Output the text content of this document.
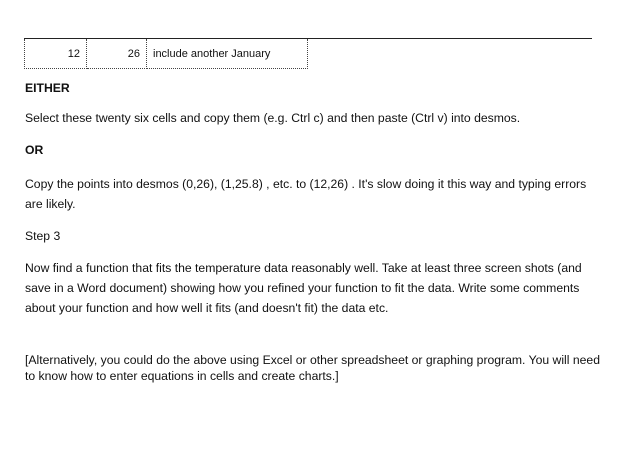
12	26	include another January

EITHER

Select these twenty six cells and copy them (e.g. Ctrl c) and then paste (Ctrl v) into desmos.

OR

Copy the points into desmos (0,26), (1,25.8) , etc. to (12,26) . It's slow doing it this way and typing errors are likely.

Step 3

Now find a function that fits the temperature data reasonably well. Take at least three screen shots (and save in a Word document) showing how you refined your function to fit the data. Write some comments about your function and how well it fits (and doesn't fit) the data etc.

[Alternatively, you could do the above using Excel or other spreadsheet or graphing program. You will need to know how to enter equations in cells and create charts.]
